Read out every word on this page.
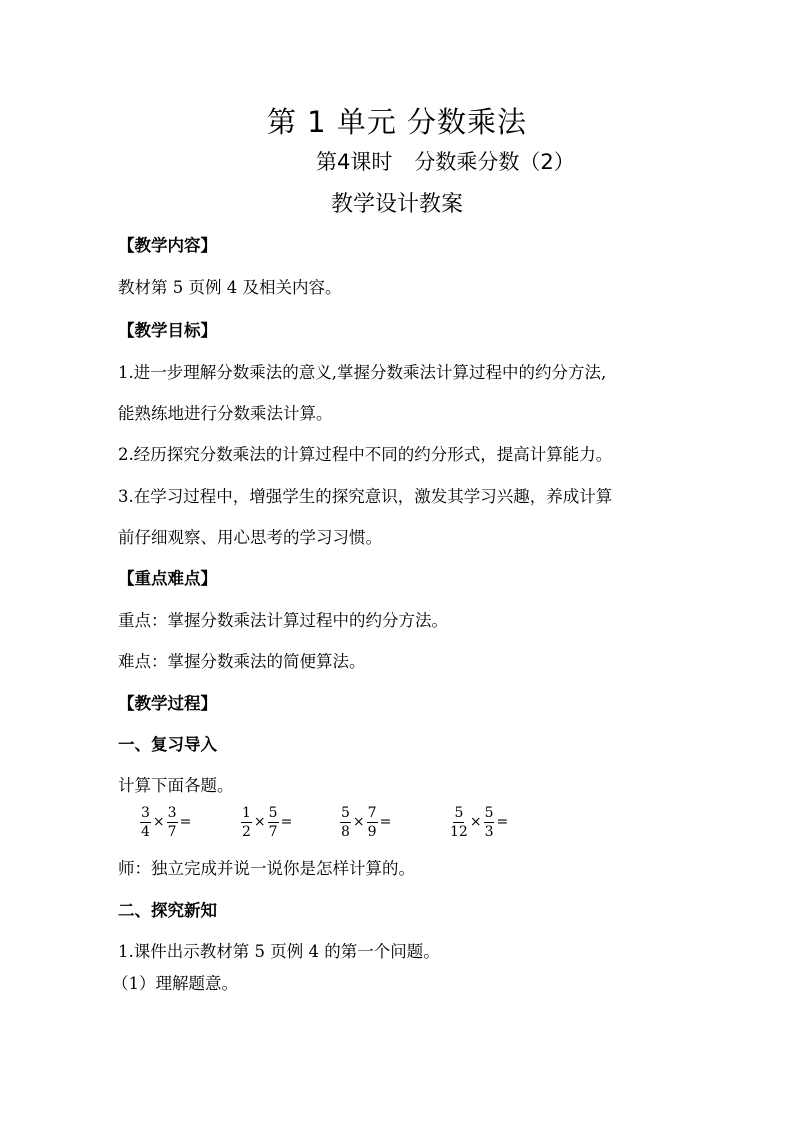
第 1 单元 分数乘法
第4课时 分数乘分数（2）
教学设计教案
【教学内容】
教材第 5 页例 4 及相关内容。
【教学目标】
1.进一步理解分数乘法的意义,掌握分数乘法计算过程中的约分方法,
能熟练地进行分数乘法计算。
2.经历探究分数乘法的计算过程中不同的约分形式，提高计算能力。
3.在学习过程中，增强学生的探究意识，激发其学习兴趣，养成计算
前仔细观察、用心思考的学习习惯。
【重点难点】
重点：掌握分数乘法计算过程中的约分方法。
难点：掌握分数乘法的简便算法。
【教学过程】
一、复习导入
计算下面各题。
$\frac{3}{4} \times \frac{3}{7}$ =	$\frac{1}{2} \times \frac{5}{7}$ =	$\frac{5}{8} \times \frac{7}{9}$ =	$\frac{5}{12} \times \frac{5}{3}$ =
师：独立完成并说一说你是怎样计算的。
二、探究新知
1.课件出示教材第 5 页例 4 的第一个问题。
（1）理解题意。
